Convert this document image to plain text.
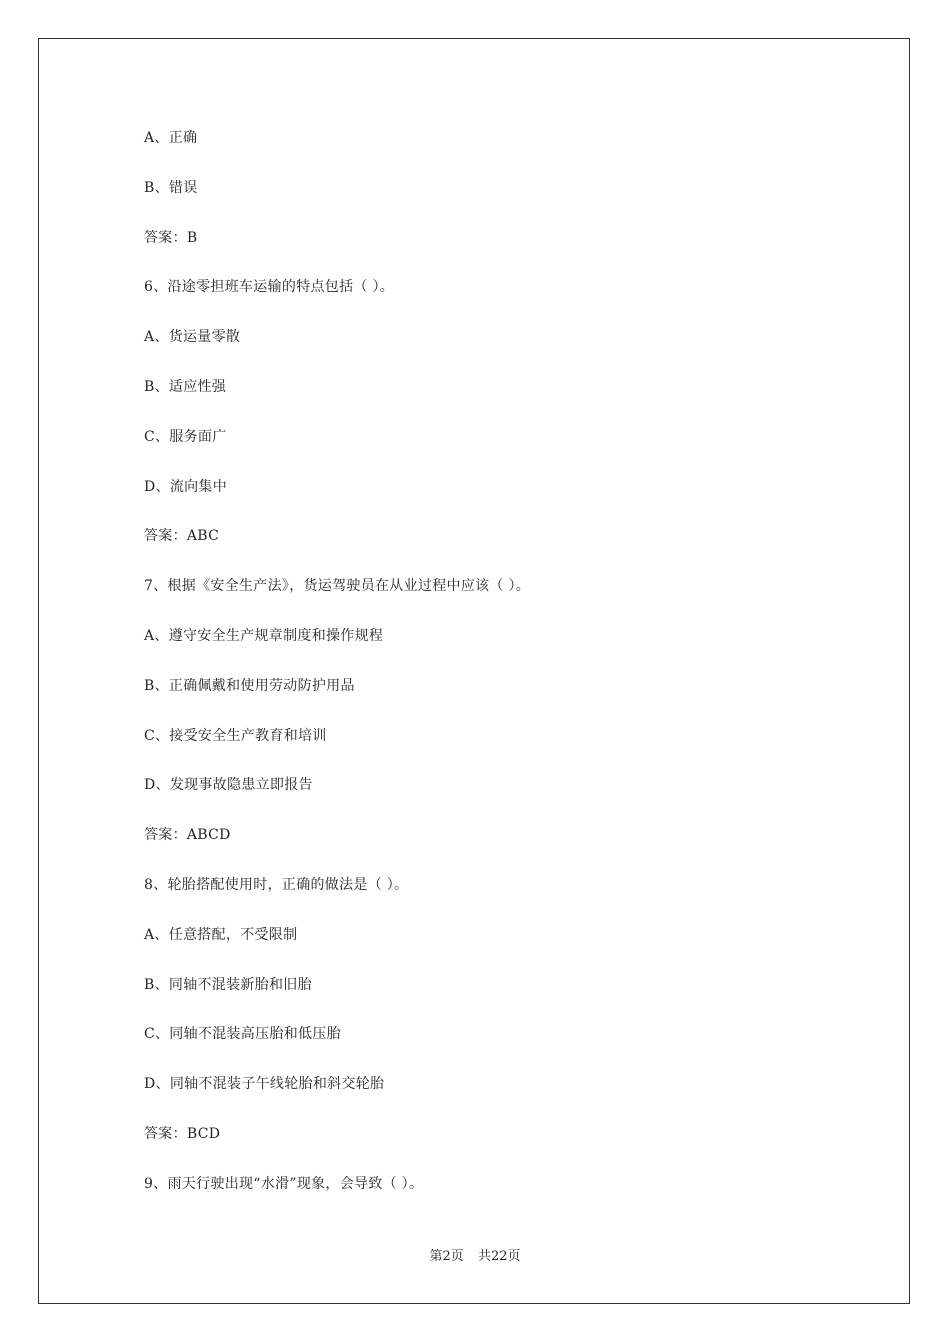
A、正确
B、错误
答案：B
6、沿途零担班车运输的特点包括（ ）。
A、货运量零散
B、适应性强
C、服务面广
D、流向集中
答案：ABC
7、根据《安全生产法》，货运驾驶员在从业过程中应该（ ）。
A、遵守安全生产规章制度和操作规程
B、正确佩戴和使用劳动防护用品
C、接受安全生产教育和培训
D、发现事故隐患立即报告
答案：ABCD
8、轮胎搭配使用时，正确的做法是（ ）。
A、任意搭配，不受限制
B、同轴不混装新胎和旧胎
C、同轴不混装高压胎和低压胎
D、同轴不混装子午线轮胎和斜交轮胎
答案：BCD
9、雨天行驶出现“水滑”现象，会导致（ ）。
第2页 共22页
